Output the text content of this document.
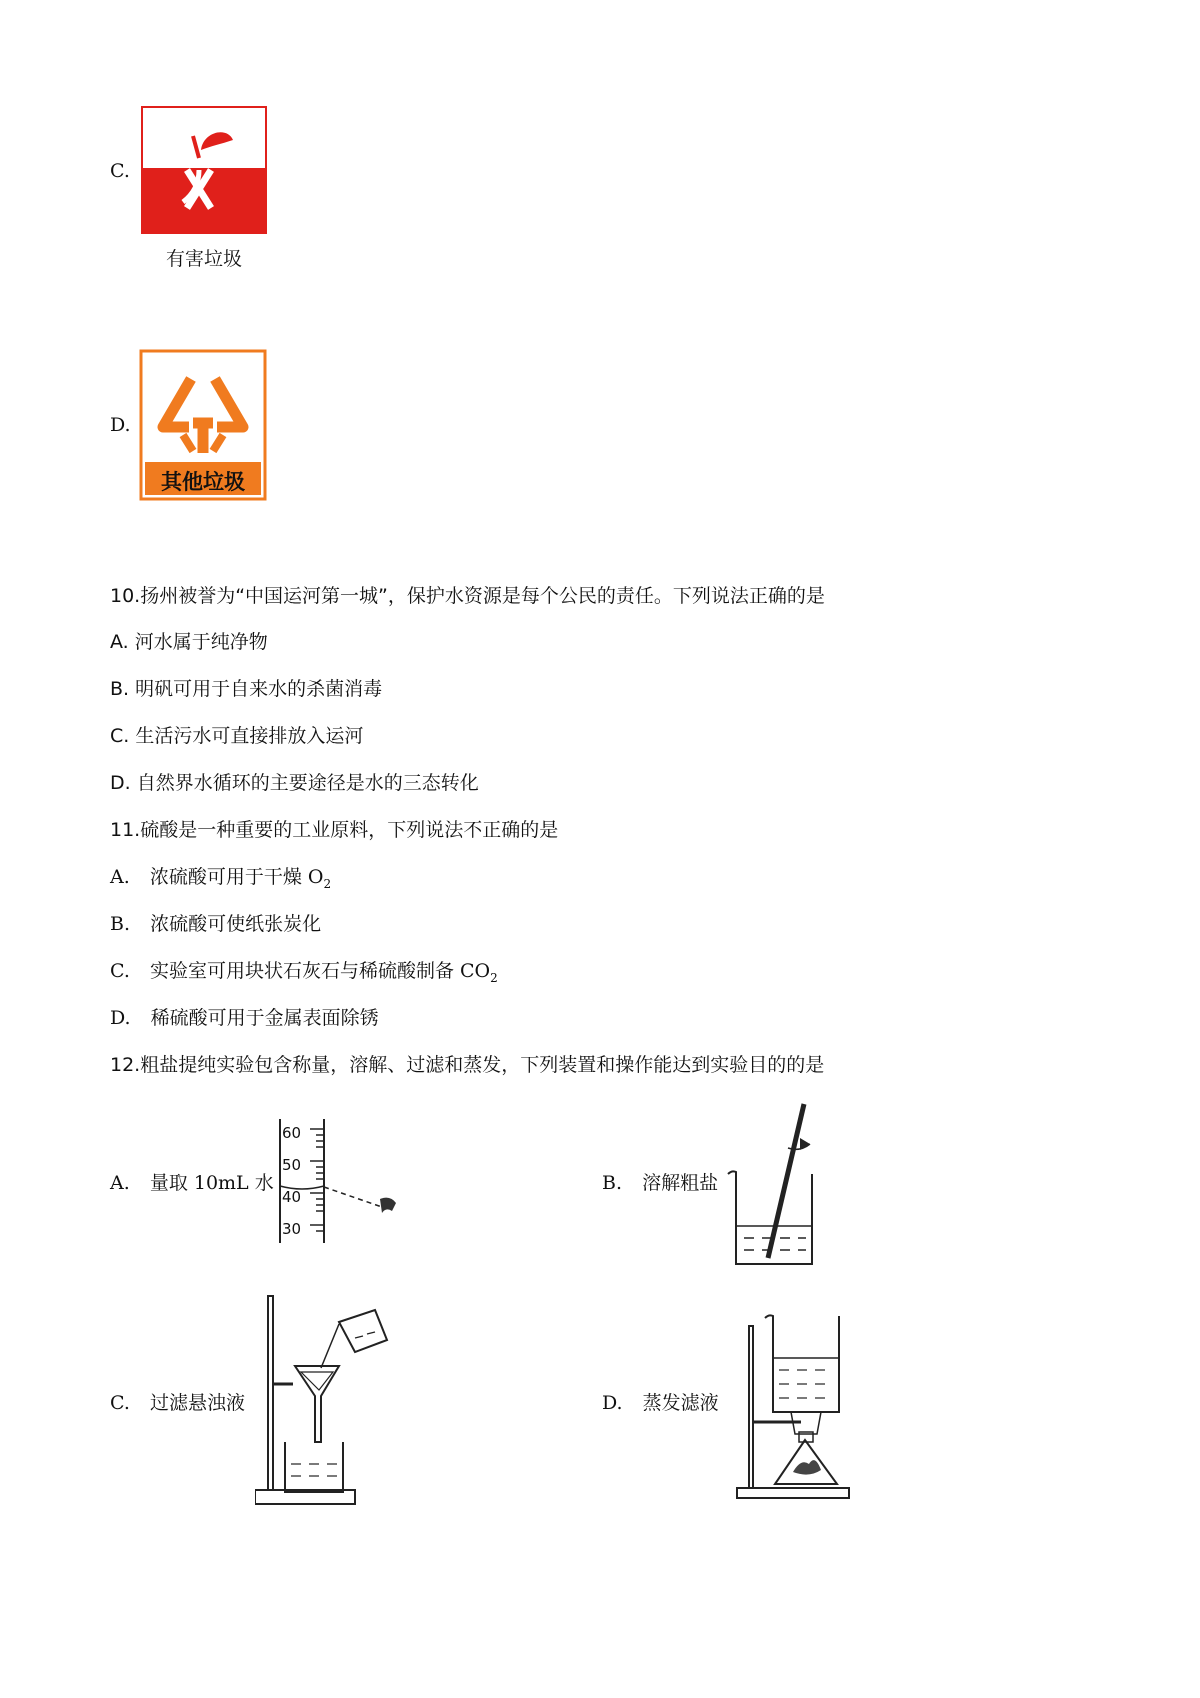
C.
有害垃圾
D.
其他垃圾
10.扬州被誉为“中国运河第一城”，保护水资源是每个公民的责任。下列说法正确的是
A. 河水属于纯净物
B. 明矾可用于自来水的杀菌消毒
C. 生活污水可直接排放入运河
D. 自然界水循环的主要途径是水的三态转化
11.硫酸是一种重要的工业原料，下列说法不正确的是
A. 浓硫酸可用于干燥 $O_2$
B. 浓硫酸可使纸张炭化
C. 实验室可用块状石灰石与稀硫酸制备 $CO_2$
D. 稀硫酸可用于金属表面除锈
12.粗盐提纯实验包含称量，溶解、过滤和蒸发，下列装置和操作能达到实验目的的是
A. 量取 10mL 水
60
50
40
30
B. 溶解粗盐
C. 过滤悬浊液	D. 蒸发滤液
